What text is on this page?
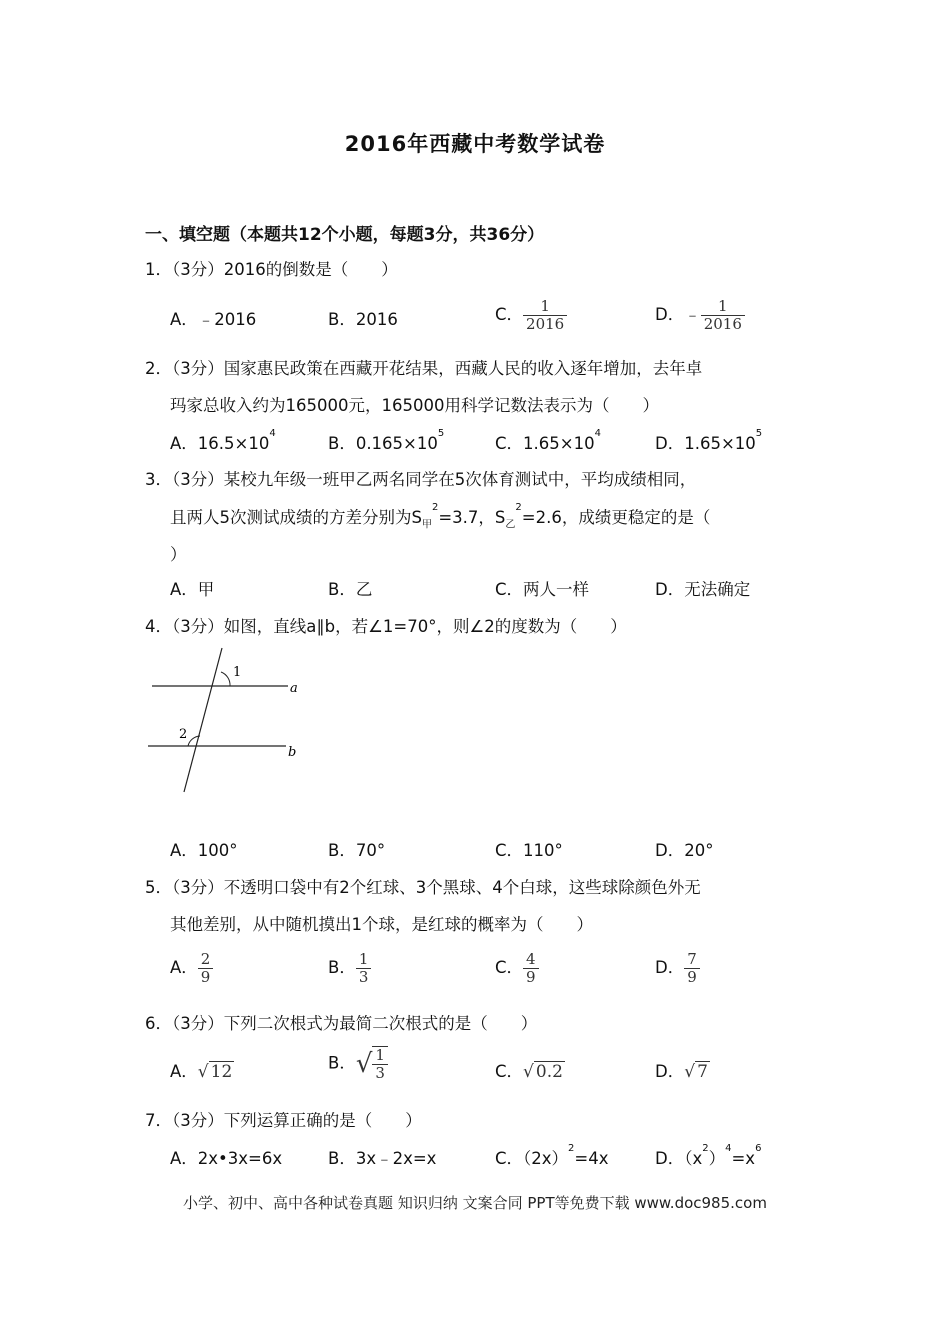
2016年西藏中考数学试卷
一、填空题（本题共12个小题，每题3分，共36分）
1．（3分）2016的倒数是（　　）
A．﹣2016	B．2016	C． $\frac{1}{2016}$	D．﹣ $\frac{1}{2016}$
2．（3分）国家惠民政策在西藏开花结果，西藏人民的收入逐年增加，去年卓
玛家总收入约为165000元，165000用科学记数法表示为（　　）
A．$16.5\times 10^4$
B．$0.165\times 10^5$
C．$1.65\times 10^4$
D．$1.65\times 10^5$
3．（3分）某校九年级一班甲乙两名同学在5次体育测试中，平均成绩相同，
且两人5次测试成绩的方差分别为$S_甲^2=3.7$，$S_乙^2=2.6$，成绩更稳定的是（
）
A．甲	B．乙	C．两人一样	D．无法确定
4．（3分）如图，直线a∥b，若∠1=70°，则∠2的度数为（　　）
1
2
a
b
A．100°	B．70°	C．110°	D．20°
5．（3分）不透明口袋中有2个红球、3个黑球、4个白球，这些球除颜色外无
其他差别，从中随机摸出1个球，是红球的概率为（　　）
A． $\frac{2}{9}$	B． $\frac{1}{3}$	C． $\frac{4}{9}$	D． $\frac{7}{9}$
6．（3分）下列二次根式为最简二次根式的是（　　）
A．√ 12	B．√ $\frac{1}{3}$	C．√ 0.2	D．√ 7
7．（3分）下列运算正确的是（　　）
A．2x•3x=6x	B．3x﹣2x=x	C．$(2x)^2=4x$	D．$(x^2)^4=x^6$
小学、初中、高中各种试卷真题 知识归纳 文案合同 PPT等免费下载 www.doc985.com
